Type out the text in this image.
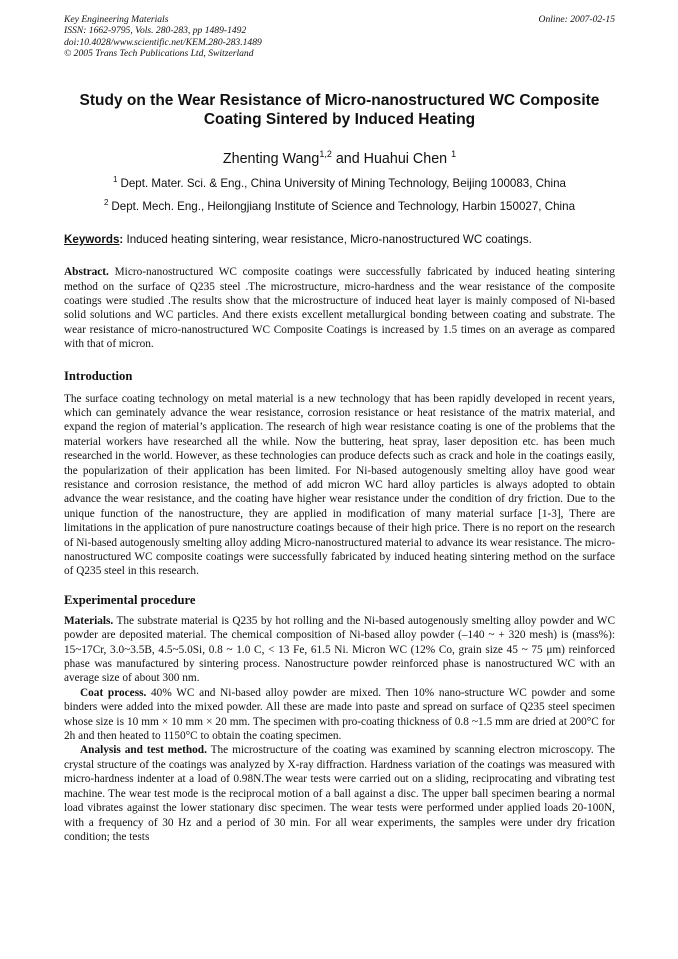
Key Engineering Materials
ISSN: 1662-9795, Vols. 280-283, pp 1489-1492
doi:10.4028/www.scientific.net/KEM.280-283.1489
© 2005 Trans Tech Publications Ltd, Switzerland
Online: 2007-02-15
Study on the Wear Resistance of Micro-nanostructured WC Composite Coating Sintered by Induced Heating
Zhenting Wang$^{1,2}$ and Huahui Chen $^1$
$^1$ Dept. Mater. Sci. & Eng., China University of Mining Technology, Beijing 100083, China
$^2$ Dept. Mech. Eng., Heilongjiang Institute of Science and Technology, Harbin 150027, China
Keywords: Induced heating sintering, wear resistance, Micro-nanostructured WC coatings.
Abstract. Micro-nanostructured WC composite coatings were successfully fabricated by induced heating sintering method on the surface of Q235 steel .The microstructure, micro-hardness and the wear resistance of the composite coatings were studied .The results show that the microstructure of induced heat layer is mainly composed of Ni-based solid solutions and WC particles. And there exists excellent metallurgical bonding between coating and substrate. The wear resistance of micro-nanostructured WC Composite Coatings is increased by 1.5 times on an average as compared with that of micron.
Introduction

The surface coating technology on metal material is a new technology that has been rapidly developed in recent years, which can geminately advance the wear resistance, corrosion resistance or heat resistance of the matrix material, and expand the region of material’s application. The research of high wear resistance coating is one of the problems that the material workers have researched all the while. Now the buttering, heat spray, laser deposition etc. has been much researched in the world. However, as these technologies can produce defects such as crack and hole in the coatings easily, the popularization of their application has been limited. For Ni-based autogenously smelting alloy have good wear resistance and corrosion resistance, the method of add micron WC hard alloy particles is always adopted to obtain advance the wear resistance, and the coating have higher wear resistance under the condition of dry friction. Due to the unique function of the nanostructure, they are applied in modification of many material surface [1-3], There are limitations in the application of pure nanostructure coatings because of their high price. There is no report on the research of Ni-based autogenously smelting alloy adding Micro-nanostructured material to advance its wear resistance. The micro-nanostructured WC composite coatings were successfully fabricated by induced heating sintering method on the surface of Q235 steel in this research.

Experimental procedure

Materials. The substrate material is Q235 by hot rolling and the Ni-based autogenously smelting alloy powder and WC powder are deposited material. The chemical composition of Ni-based alloy powder (–140 ~ + 320 mesh) is (mass%): 15~17Cr, 3.0~3.5B, 4.5~5.0Si, 0.8 ~ 1.0 C, < 13 Fe, 61.5 Ni. Micron WC (12% Co, grain size 45 ~ 75 μm) reinforced phase was manufactured by sintering process. Nanostructure powder reinforced phase is nanostructured WC with an average size of about 300 nm.

Coat process. 40% WC and Ni-based alloy powder are mixed. Then 10% nano-structure WC powder and some binders were added into the mixed powder. All these are made into paste and spread on surface of Q235 steel specimen whose size is 10 mm × 10 mm × 20 mm. The specimen with pro-coating thickness of 0.8 ~1.5 mm are dried at 200°C for 2h and then heated to 1150°C to obtain the coating specimen.

Analysis and test method. The microstructure of the coating was examined by scanning electron microscopy. The crystal structure of the coatings was analyzed by X-ray diffraction. Hardness variation of the coatings was measured with micro-hardness indenter at a load of 0.98N.The wear tests were carried out on a sliding, reciprocating and vibrating test machine. The wear test mode is the reciprocal motion of a ball against a disc. The upper ball specimen bearing a normal load vibrates against the lower stationary disc specimen. The wear tests were performed under applied loads 20-100N, with a frequency of 30 Hz and a period of 30 min. For all wear experiments, the samples were under dry frication condition; the tests
